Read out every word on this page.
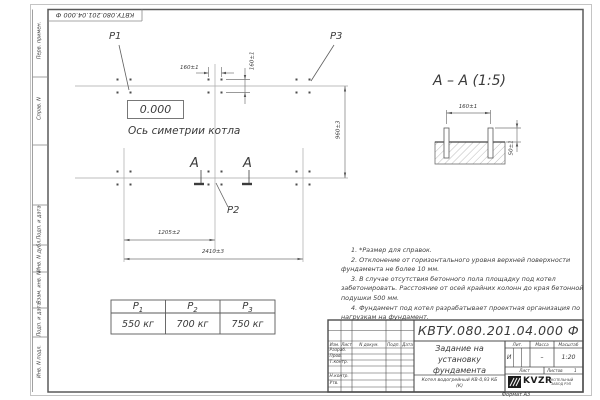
КВТУ.080.201.04.000 Ф
Перв. примен.
Справ. N
Подп. и дата
Инв. N дубл.
Взам. инв. N
Подп. и дата
Инв. N подл.
P1	P3
P2
0.000
Ось симетрии котла
А	А
160±1	160±1
960±3
1205±2
2410±3
А – А (1:5)
160±1
50±1
$P_1$	$P_2$	$P_3$
550 кг	700 кг	750 кг

1. *Размер для справок.

2. Отклонение от горизонтального уровня верхней поверхности фундамента не более 10 мм.

3. В случае отсутствия бетонного пола площадку под котел забетонировать. Расстояние от осей крайних колонн до края бетонной подушки 500 мм.

4. Фундамент под котел разрабатывает проектная организация по нагрузкам на фундамент.

КВТУ.080.201.04.000 Ф
Изм. Лист	N докум.	Подп. Дата
Разраб.
Пров.
Т.контр.
Н.контр.
Утв.
Задание на установку фундамента
Котел водогрейный КВ-0,93 КБ (К)
Лит.	Масса	Масштаб
И	–	1:20
Лист	Листов	1
KVZR
КОТЕЛЬНЫЙ
ЗАВОД РЭП
Формат А3
